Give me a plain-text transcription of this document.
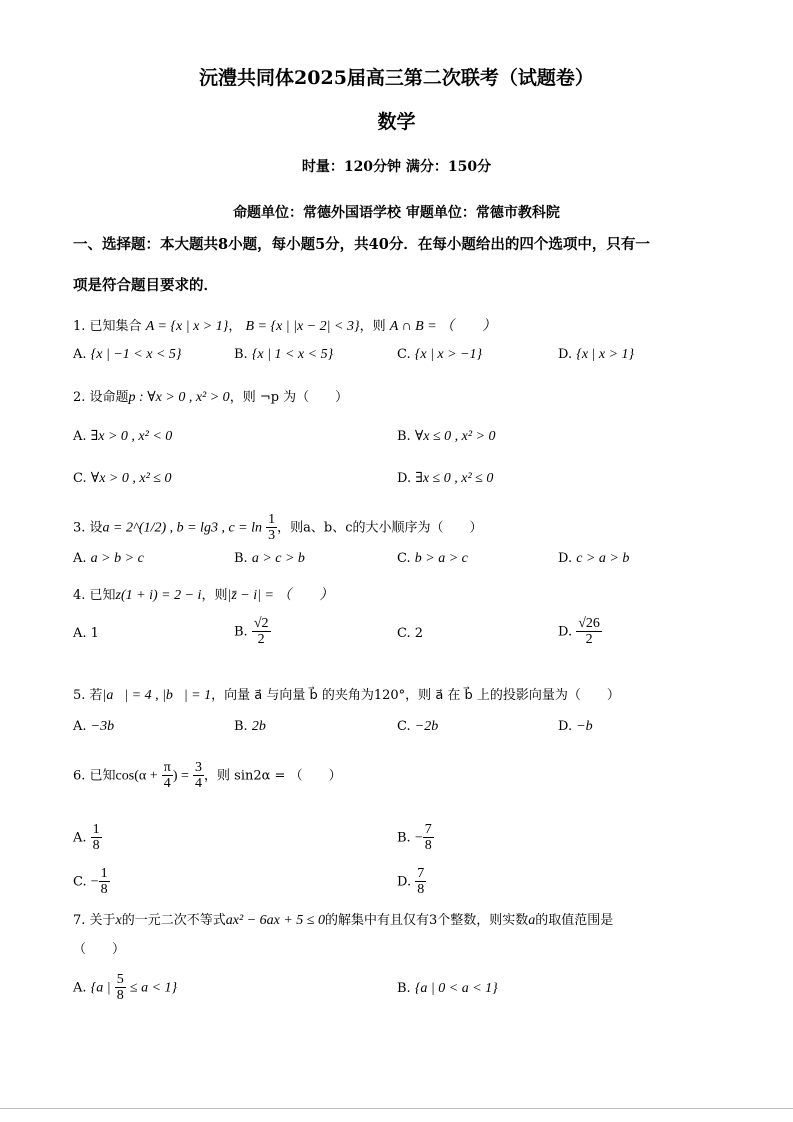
沅澧共同体2025届高三第二次联考（试题卷）
数学
时量：120分钟 满分：150分
命题单位：常德外国语学校 审题单位：常德市教科院
一、选择题：本大题共8小题，每小题5分，共40分．在每小题给出的四个选项中，只有一
项是符合题目要求的．
1. 已知集合 A = {x | x > 1}， B = {x | |x − 2| < 3}，则 A ∩ B = （　　）
A. {x | −1 < x < 5}	B. {x | 1 < x < 5}	C. {x | x > −1}	D. {x | x > 1}
2. 设命题p : ∀x > 0 , x² > 0，则 ¬p 为（　　）
A. ∃x > 0 , x² < 0	B. ∀x ≤ 0 , x² > 0
C. ∀x > 0 , x² ≤ 0	D. ∃x ≤ 0 , x² ≤ 0
3. 设a = 2^(1/2) , b = lg3 , $c = \ln \frac{1}{3}$ ，则a、b、c的大小顺序为（　　）
A. a > b > c	B. a > c > b	C. b > a > c	D. c > a > b
4. 已知z(1 + i) = 2 − i，则|z̄ − i| = （　　）
A. 1	B. $\frac{√2}{2}$	C. 2	D. $\frac{√26}{2}$
5. 若|a⃗| = 4 , |b⃗| = 1，向量 a⃗ 与向量 b⃗ 的夹角为120°，则 a⃗ 在 b⃗ 上的投影向量为（　　）
A. −3b⃗	B. 2b⃗	C. −2b⃗	D. −b⃗
6. 已知$\cos(\alpha + \frac{\pi}{4}$ ) = $\frac{3}{4}$ ，则 sin2α = （　　）
A. $\frac{1}{8}$	B. − $\frac{7}{8}$
C. − $\frac{1}{8}$	D. $\frac{7}{8}$
7. 关于x的一元二次不等式ax² − 6ax + 5 ≤ 0的解集中有且仅有3个整数，则实数a的取值范围是
（　　）
A. {a | $\frac{5}{8} \le a < 1$}	B. {a | 0 < a < 1}
